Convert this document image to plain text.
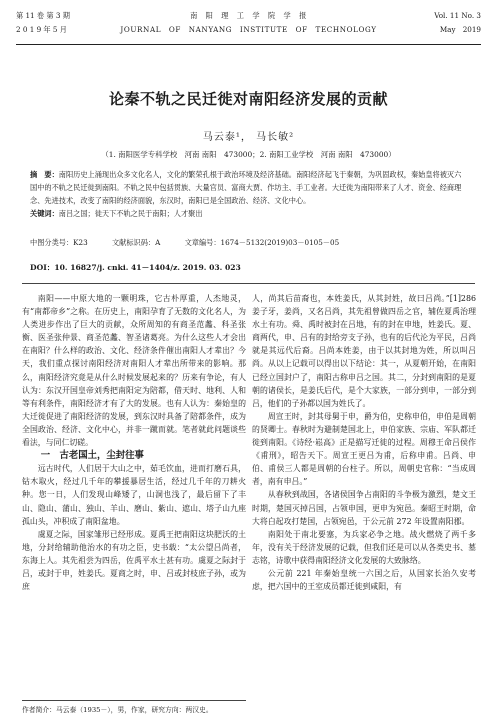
第 11 卷 第 3 期	南　阳　理　工　学　院　学　报	Vol. 11 No. 3
2 0 1 9 年 5 月	JOURNAL　OF　NANYANG　INSTITUTE　OF　TECHNOLOGY	May　2019
论秦不轨之民迁徙对南阳经济发展的贡献
马云泰¹， 马长敏²
（1. 南阳医学专科学校　河南 南阳　473000；2. 南阳工业学校　河南 南阳　473000）
摘　要：南阳历史上涌现出众多文化名人，文化的繁荣孔根于政治环境及经济基础。南阳经济起飞于秦朝，为巩固政权，秦始皇将被灭六国中的不轨之民迁徙到南阳。不轨之民中包括贯族、大量官员、富商大贾、作坊主、手工业者。大迁徙为南阳带来了人才、资金、经商理念、先进技术，改变了南阳的经济面貌，东汉时，南阳已是全国政治、经济、文化中心。
关键词：南吕之国；徙天下不轨之民于南阳；人才聚出
中图分类号：K23	文献标识码：A	文章编号：1674－5132(2019)03－0105－05
DOI：10. 16827/j. cnki. 41－1404/z. 2019. 03. 023

南阳——中原大地的一颗明珠，它古朴厚重，人杰地灵，有“南都帝乡”之称。在历史上，南阳孕育了无数的文化名人，为人类进步作出了巨大的贡献，众所周知的有商圣范蠡、科圣张衡、医圣张仲景、商圣范蠡、智圣诸葛亮。为什么这些人才会出在南阳？什么样的政治、文化、经济条件催出南阳人才辈出？今天，我们重点探讨南阳经济对南阳人才辈出所带来的影响。那么，南阳经济究竟是从什么时候发展起来的？历来有争论，有人认为：东汉开国皇帝刘秀把南阳定为陪都，借天时、地利、人和等有利条件，南阳经济才有了大的发展。也有人认为：秦始皇的大迁徙促进了南阳经济的发展，到东汉时具备了陪都条件，成为全国政治、经济、文化中心，并非一蹴而就。笔者就此问题谈些看法，与同仁切磋。

一　古老国土，尘封往事

远古时代，人们居于大山之中，茹毛饮血，进而打磨石具，钻木取火，经过几千年的攀援暴居生活，经过几千年的刀耕火种。您一日，人们发现山峰矮了，山洞也浅了，最后留下了丰山、隐山、蒲山、独山、羊山、磨山、紫山、遮山、塔子山九座孤山头，冲积成了南阳盆地。

虞夏之际，国家雏形已经形成。夏禹王把南阳这块肥沃的土地，分封给辅助他治水的有功之臣，史书载：“太公望吕尚者，东海上人。其先祖尝为四岳，佐禹平水土甚有功。虞夏之际封于吕，或封于申，姓姜氏。夏商之时，申、吕或封枝庶子孙，或为庶

人，尚其后苗裔也，本姓姜氏，从其封姓，故曰吕尚。”[1]286 姜子牙，姜尚，又名吕尚，其先祖曾做四岳之官，辅佐夏禹治理水土有功。舜、禹时被封在吕地，有的封在申地，姓姜氏。夏、商两代，申、吕有的封给旁支子孙，也有的后代沦为平民，吕尚就是其远代后裔。吕尚本姓姜，由于以其封地为姓，所以叫吕尚。从以上记载可以得出以下结论：其一，从夏朝开始，在南阳已经立国封户了，南阳古称申吕之国。其二，分封到南阳的是夏朝的诸侯长，是姜氏后代，是个大家族，一部分到申，一部分到吕，他们的子孙都以国为姓氏了。

周宣王时，封其母舅于申，爵为伯，史称申伯，申伯是周朝的贤卿士。春秋时为避制楚国北上，申伯家族、宗庙、军队都迁徙到南阳。《诗经·崧高》正是描写迁徙的过程。周穆王命吕侯作《甫刑》，昭告天下。周宣王更吕为甫，后称申甫。吕尚、申伯、甫侯三人都是周朝的台柱子。所以，周朝史官称：“当成周者，南有申吕。”

从春秋到战国，各诸侯国争占南阳的斗争极为激烈，楚文王时期，楚国灭掉吕国，占领申国，更申为宛邑。秦昭王时期，命大将白起攻打楚国，占领宛邑，于公元前 272 年设置南阳郡。

南阳处于南北要塞，为兵家必争之地。战火燃烧了两千多年，没有关于经济发展的记载，但我们还是可以从各类史书、墓志铭，诗歌中获得南阳经济文化发展的大致脉络。

公元前 221 年秦始皇统一六国之后，从国家长治久安考虑，把六国中的王室成员都迁徙到咸阳，有

作者简介：马云泰（1935－），男，作家，研究方向：两汉史。
